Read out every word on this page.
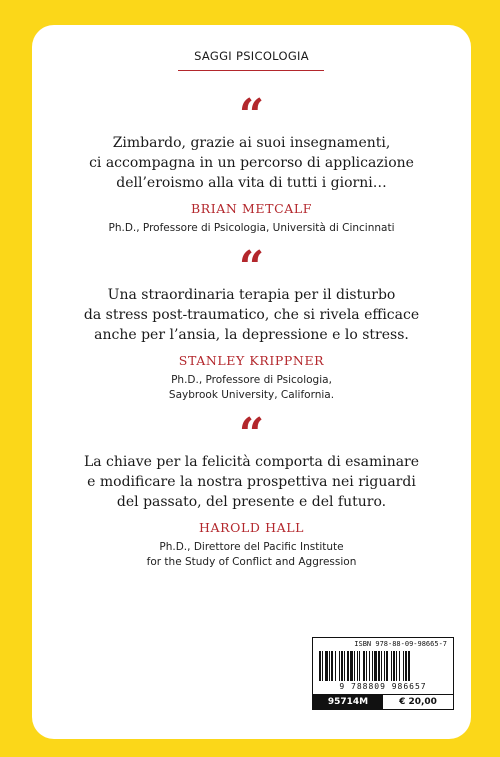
SAGGI PSICOLOGIA
“
Zimbardo, grazie ai suoi insegnamenti,
ci accompagna in un percorso di applicazione
dell’eroismo alla vita di tutti i giorni…
BRIAN METCALF
Ph.D., Professore di Psicologia, Università di Cincinnati
“
Una straordinaria terapia per il disturbo
da stress post-traumatico, che si rivela efficace
anche per l’ansia, la depressione e lo stress.
STANLEY KRIPPNER
Ph.D., Professore di Psicologia,
Saybrook University, California.
“
La chiave per la felicità comporta di esaminare
e modificare la nostra prospettiva nei riguardi
del passato, del presente e del futuro.
HAROLD HALL
Ph.D., Direttore del Pacific Institute
for the Study of Conflict and Aggression
ISBN 978-88-09-98665-7
9 788809 986657
95714M	€ 20,00
